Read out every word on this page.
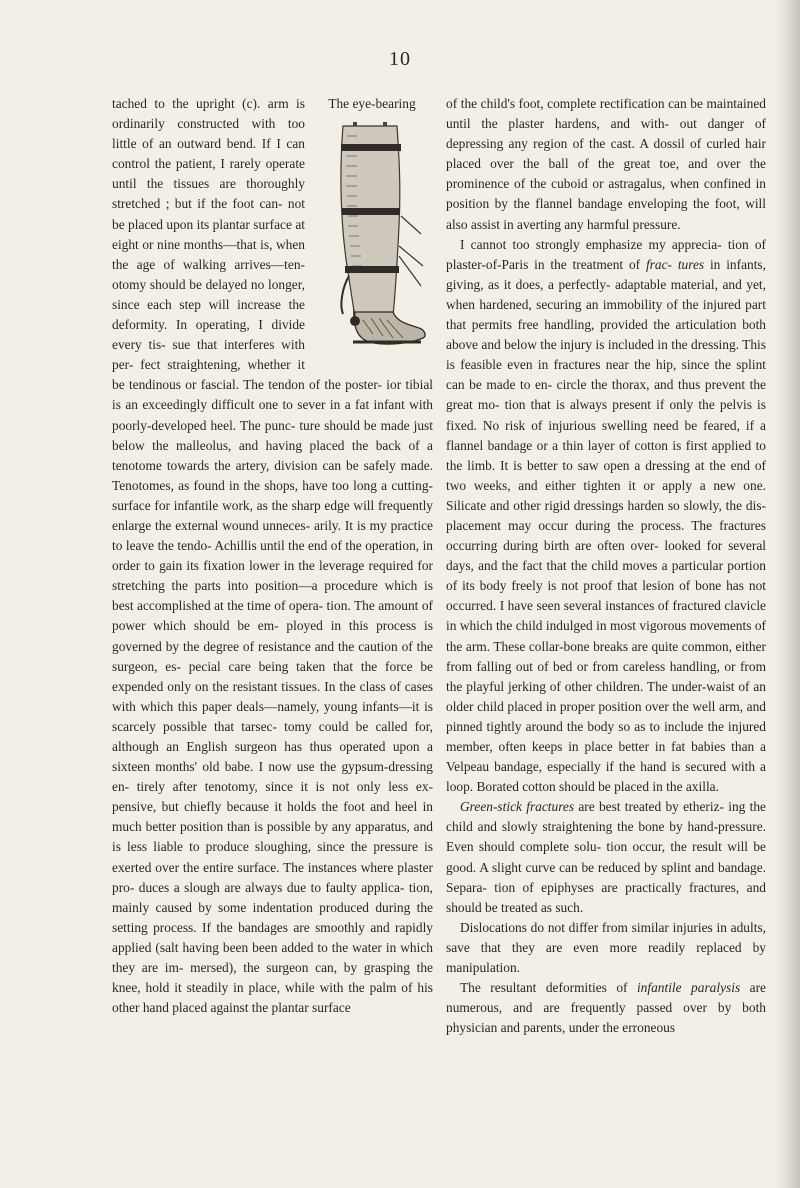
10
The eye-bearing

tached to the upright (c). arm is ordinarily constructed with too little of an outward bend. If I can control the patient, I rarely operate until the tissues are thoroughly stretched ; but if the foot can- not be placed upon its plantar surface at eight or nine months—that is, when the age of walking arrives—ten- otomy should be delayed no longer, since each step will increase the deformity. In operating, I divide every tis- sue that interferes with per- fect straightening, whether it be tendinous or fascial. The tendon of the poster- ior tibial is an exceedingly difficult one to sever in a fat infant with poorly-developed heel. The punc- ture should be made just below the malleolus, and having placed the back of a tenotome towards the artery, division can be safely made. Tenotomes, as found in the shops, have too long a cutting- surface for infantile work, as the sharp edge will frequently enlarge the external wound unneces- arily. It is my practice to leave the tendo- Achillis until the end of the operation, in order to gain its fixation lower in the leverage required for stretching the parts into position—a procedure which is best accomplished at the time of opera- tion. The amount of power which should be em- ployed in this process is governed by the degree of resistance and the caution of the surgeon, es- pecial care being taken that the force be expended only on the resistant tissues. In the class of cases with which this paper deals—namely, young infants—it is scarcely possible that tarsec- tomy could be called for, although an English surgeon has thus operated upon a sixteen months' old babe. I now use the gypsum-dressing en- tirely after tenotomy, since it is not only less ex- pensive, but chiefly because it holds the foot and heel in much better position than is possible by any apparatus, and is less liable to produce sloughing, since the pressure is exerted over the entire surface. The instances where plaster pro- duces a slough are always due to faulty applica- tion, mainly caused by some indentation produced during the setting process. If the bandages are smoothly and rapidly applied (salt having been been added to the water in which they are im- mersed), the surgeon can, by grasping the knee, hold it steadily in place, while with the palm of his other hand placed against the plantar surface

of the child's foot, complete rectification can be maintained until the plaster hardens, and with- out danger of depressing any region of the cast. A dossil of curled hair placed over the ball of the great toe, and over the prominence of the cuboid or astragalus, when confined in position by the flannel bandage enveloping the foot, will also assist in averting any harmful pressure.

I cannot too strongly emphasize my apprecia- tion of plaster-of-Paris in the treatment of frac- tures in infants, giving, as it does, a perfectly- adaptable material, and yet, when hardened, securing an immobility of the injured part that permits free handling, provided the articulation both above and below the injury is included in the dressing. This is feasible even in fractures near the hip, since the splint can be made to en- circle the thorax, and thus prevent the great mo- tion that is always present if only the pelvis is fixed. No risk of injurious swelling need be feared, if a flannel bandage or a thin layer of cotton is first applied to the limb. It is better to saw open a dressing at the end of two weeks, and either tighten it or apply a new one. Silicate and other rigid dressings harden so slowly, the dis- placement may occur during the process. The fractures occurring during birth are often over- looked for several days, and the fact that the child moves a particular portion of its body freely is not proof that lesion of bone has not occurred. I have seen several instances of fractured clavicle in which the child indulged in most vigorous movements of the arm. These collar-bone breaks are quite common, either from falling out of bed or from careless handling, or from the playful jerking of other children. The under-waist of an older child placed in proper position over the well arm, and pinned tightly around the body so as to include the injured member, often keeps in place better in fat babies than a Velpeau bandage, especially if the hand is secured with a loop. Borated cotton should be placed in the axilla.

Green-stick fractures are best treated by etheriz- ing the child and slowly straightening the bone by hand-pressure. Even should complete solu- tion occur, the result will be good. A slight curve can be reduced by splint and bandage. Separa- tion of epiphyses are practically fractures, and should be treated as such.

Dislocations do not differ from similar injuries in adults, save that they are even more readily replaced by manipulation.

The resultant deformities of infantile paralysis are numerous, and are frequently passed over by both physician and parents, under the erroneous
